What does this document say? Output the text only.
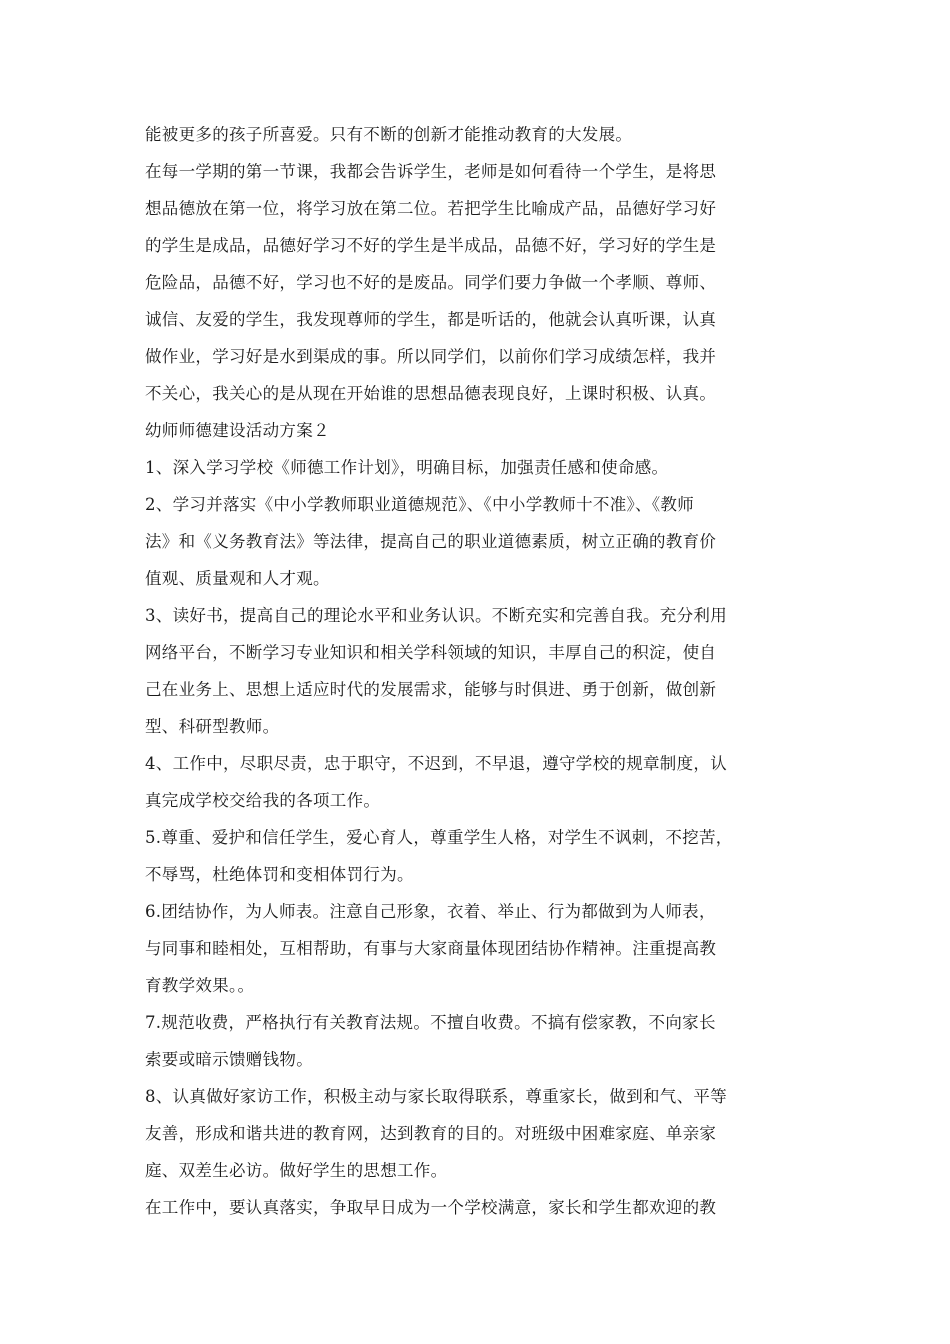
能被更多的孩子所喜爱。只有不断的创新才能推动教育的大发展。
在每一学期的第一节课，我都会告诉学生，老师是如何看待一个学生，是将思
想品德放在第一位，将学习放在第二位。若把学生比喻成产品，品德好学习好
的学生是成品，品德好学习不好的学生是半成品，品德不好，学习好的学生是
危险品，品德不好，学习也不好的是废品。同学们要力争做一个孝顺、尊师、
诚信、友爱的学生，我发现尊师的学生，都是听话的，他就会认真听课，认真
做作业，学习好是水到渠成的事。所以同学们，以前你们学习成绩怎样，我并
不关心，我关心的是从现在开始谁的思想品德表现良好，上课时积极、认真。
幼师师德建设活动方案２
1、深入学习学校《师德工作计划》，明确目标，加强责任感和使命感。
2、学习并落实《中小学教师职业道德规范》、《中小学教师十不准》、《教师
法》和《义务教育法》等法律，提高自己的职业道德素质，树立正确的教育价
值观、质量观和人才观。
3、读好书，提高自己的理论水平和业务认识。不断充实和完善自我。充分利用
网络平台，不断学习专业知识和相关学科领域的知识，丰厚自己的积淀，使自
己在业务上、思想上适应时代的发展需求，能够与时俱进、勇于创新，做创新
型、科研型教师。
4、工作中，尽职尽责，忠于职守，不迟到，不早退，遵守学校的规章制度，认
真完成学校交给我的各项工作。
5.尊重、爱护和信任学生，爱心育人，尊重学生人格，对学生不讽刺，不挖苦，
不辱骂，杜绝体罚和变相体罚行为。
6.团结协作，为人师表。注意自己形象，衣着、举止、行为都做到为人师表，
与同事和睦相处，互相帮助，有事与大家商量体现团结协作精神。注重提高教
育教学效果。。
7.规范收费，严格执行有关教育法规。不擅自收费。不搞有偿家教，不向家长
索要或暗示馈赠钱物。
8、认真做好家访工作，积极主动与家长取得联系，尊重家长，做到和气、平等
友善，形成和谐共进的教育网，达到教育的目的。对班级中困难家庭、单亲家
庭、双差生必访。做好学生的思想工作。
在工作中，要认真落实，争取早日成为一个学校满意，家长和学生都欢迎的教
